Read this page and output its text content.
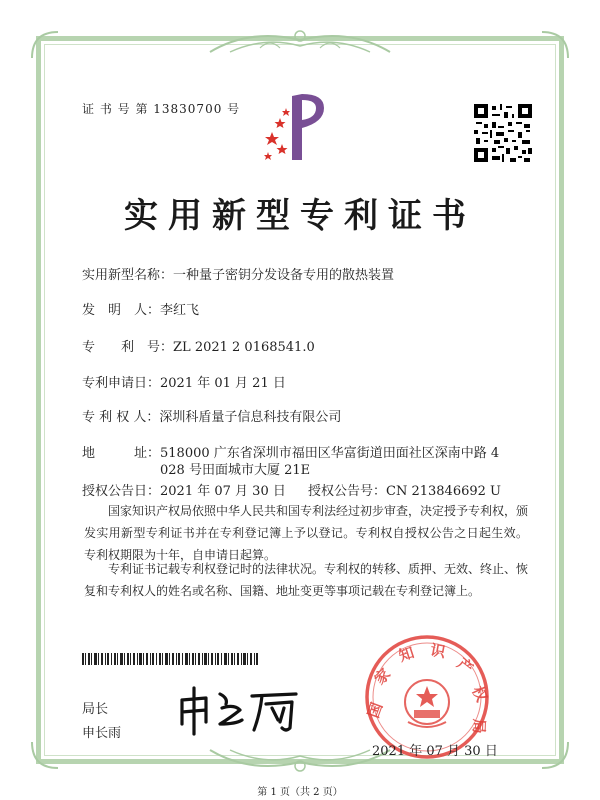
证 书 号 第 13830700 号
实用新型专利证书
实用新型名称：一种量子密钥分发设备专用的散热装置
发　明　人：李红飞
专　　利　号：ZL 2021 2 0168541.0
专利申请日：2021 年 01 月 21 日
专 利 权 人：深圳科盾量子信息科技有限公司
地　　　址：518000 广东省深圳市福田区华富街道田面社区深南中路 4
028 号田面城市大厦 21E
授权公告日：2021 年 07 月 30 日 授权公告号：CN 213846692 U
国家知识产权局依照中华人民共和国专利法经过初步审查，决定授予专利权，颁发实用新型专利证书并在专利登记簿上予以登记。专利权自授权公告之日起生效。专利权期限为十年，自申请日起算。
专利证书记载专利权登记时的法律状况。专利权的转移、质押、无效、终止、恢复和专利权人的姓名或名称、国籍、地址变更等事项记载在专利登记簿上。
局长
申长雨
国
家
知 识
产
权
局
2021 年 07 月 30 日
第 1 页（共 2 页）
